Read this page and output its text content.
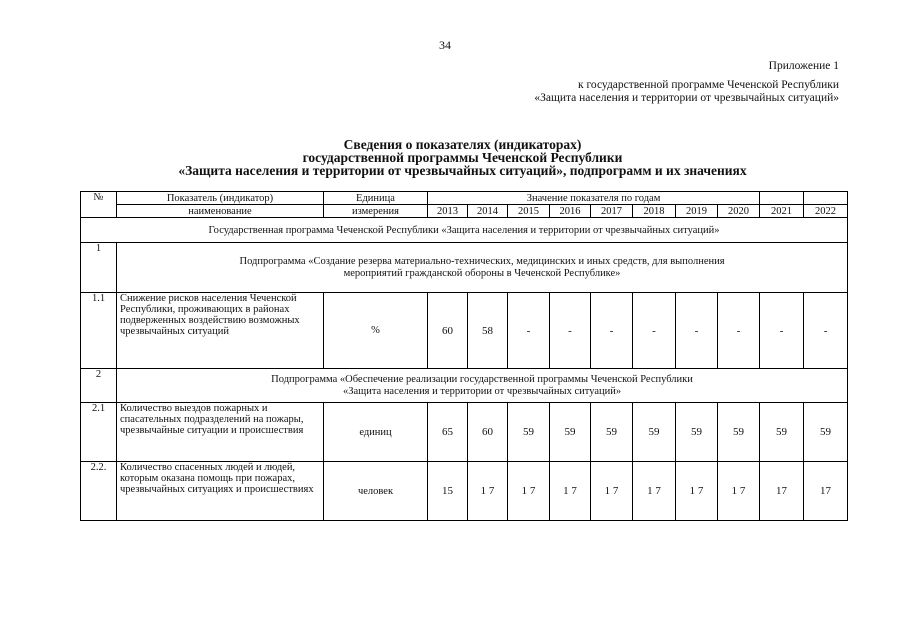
34
Приложение 1
к государственной программе Чеченской Республики
«Защита населения и территории от чрезвычайных ситуаций»
Сведения о показателях (индикаторах)
государственной программы Чеченской Республики
«Защита населения и территории от чрезвычайных ситуаций», подпрограмм и их значениях
№	Показатель (индикатор)	Единица	Значение показателя по годам									
	наименование	измерения	2013	2014	2015	2016	2017	2018	2019	2020	2021	2022
Государственная программа Чеченской Республики «Защита населения и территории от чрезвычайных ситуаций»												
1	Подпрограмма «Создание резерва материально-технических, медицинских и иных средств, для выполнения
мероприятий гражданской обороны в Чеченской Республике»											

1.1	Снижение рисков населения Чеченской Республики, проживающих в районах подверженных воздействию возможных чрезвычайных ситуаций	%	60	58	-	-	-	-	-	-	-	-
2	Подпрограмма «Обеспечение реализации государственной программы Чеченской Республики
«Защита населения и территории от чрезвычайных ситуаций»											

2.1	Количество выездов пожарных и спасательных подразделений на пожары, чрезвычайные ситуации и происшествия	единиц	65	60	59	59	59	59	59	59	59	59
2.2.	Количество спасенных людей и людей, которым оказана помощь при пожарах, чрезвычайных ситуациях и происшествиях	человек	15	1 7	1 7	1 7	1 7	1 7	1 7	1 7	17	17
